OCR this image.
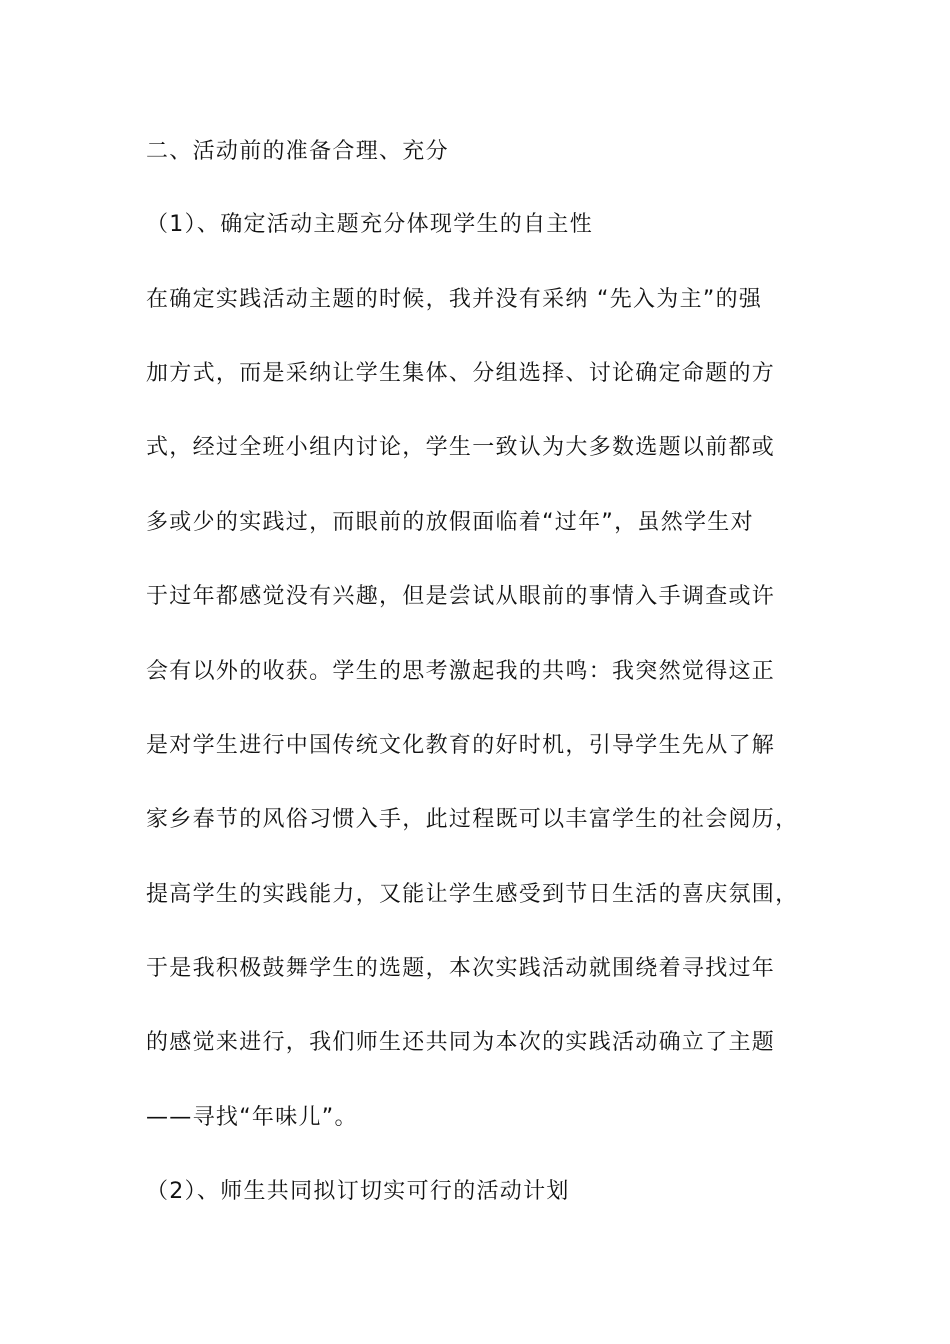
二、活动前的准备合理、充分
（1）、确定活动主题充分体现学生的自主性
在确定实践活动主题的时候，我并没有采纳 “先入为主”的强
加方式，而是采纳让学生集体、分组选择、讨论确定命题的方
式，经过全班小组内讨论，学生一致认为大多数选题以前都或
多或少的实践过，而眼前的放假面临着“过年”，虽然学生对
于过年都感觉没有兴趣，但是尝试从眼前的事情入手调查或许
会有以外的收获。学生的思考激起我的共鸣：我突然觉得这正
是对学生进行中国传统文化教育的好时机，引导学生先从了解
家乡春节的风俗习惯入手，此过程既可以丰富学生的社会阅历，
提高学生的实践能力，又能让学生感受到节日生活的喜庆氛围，
于是我积极鼓舞学生的选题，本次实践活动就围绕着寻找过年
的感觉来进行，我们师生还共同为本次的实践活动确立了主题
——寻找“年味儿”。
（2）、师生共同拟订切实可行的活动计划
